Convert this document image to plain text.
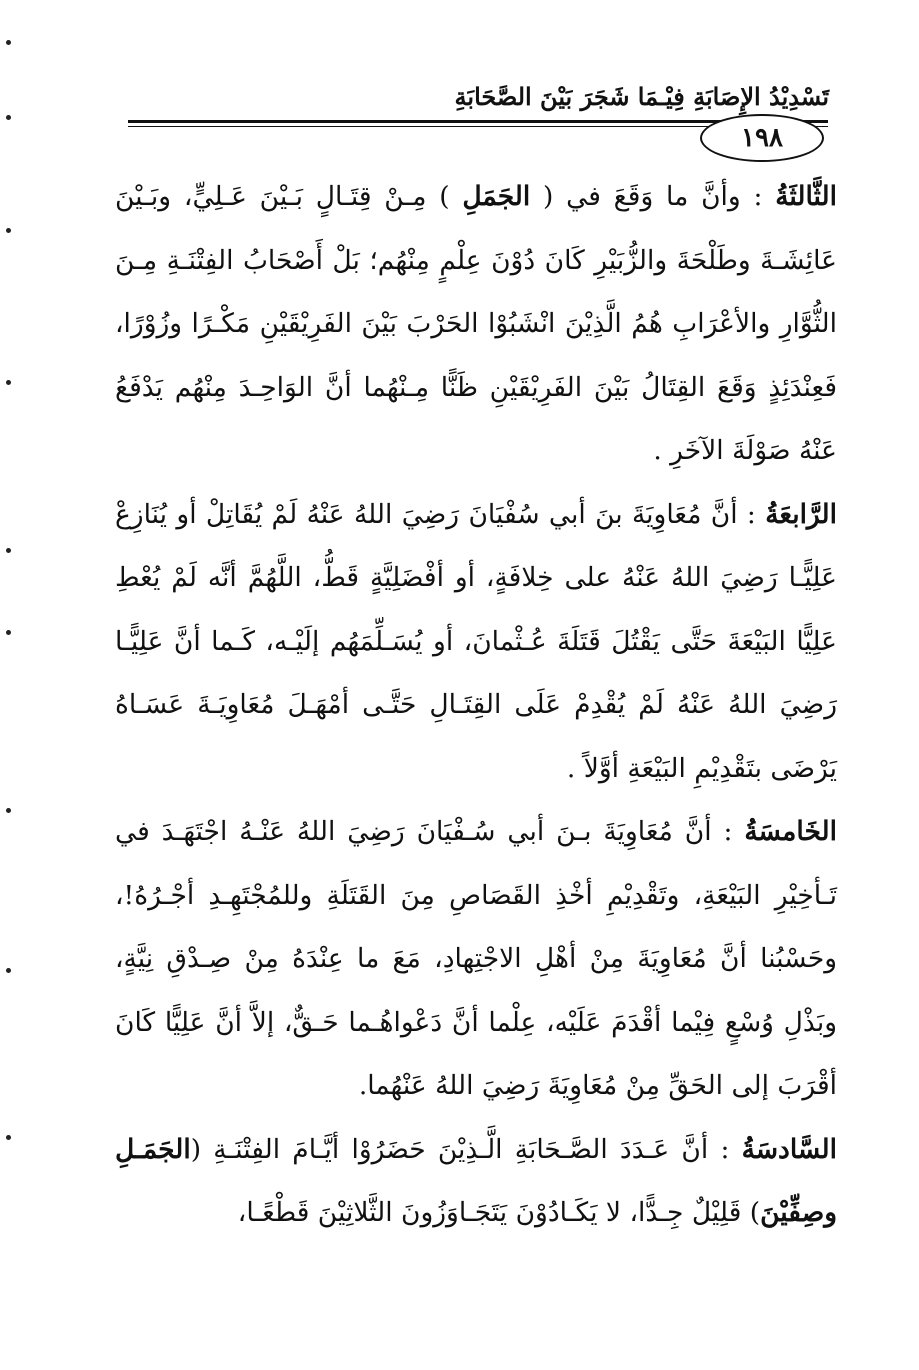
تَسْدِيْدُ الإِصَابَةِ فِيْـمَا شَجَرَ بَيْنَ الصَّحَابَةِ
١٩٨

الثَّالثَةُ : وأنَّ ما وَقَعَ في ( الجَمَلِ ) مِـنْ قِتَـالٍ بَـيْنَ عَـلِيٍّ، وبَـيْنَ عَائِشَـةَ وطَلْحَةَ والزُّبَيْرِ كَانَ دُوْنَ عِلْمٍ مِنْهُم؛ بَلْ أَصْحَابُ الفِتْنَـةِ مِـنَ الثُّوَّارِ والأعْرَابِ هُمُ الَّذِيْنَ انْشَبُوْا الحَرْبَ بَيْنَ الفَرِيْقَيْنِ مَكْـرًا وزُوْرًا، فَعِنْدَئِذٍ وَقَعَ القِتَالُ بَيْنَ الفَرِيْقَيْنِ ظَنًّا مِـنْهُما أنَّ الوَاحِـدَ مِنْهُم يَدْفَعُ عَنْهُ صَوْلَةَ الآخَرِ .

الرَّابعَةُ : أنَّ مُعَاوِيَةَ بنَ أبي سُفْيَانَ رَضِيَ اللهُ عَنْهُ لَمْ يُقَاتِلْ أو يُنَازِعْ عَلِيًّـا رَضِيَ اللهُ عَنْهُ على خِلافَةٍ، أو أفْضَلِيَّةٍ قَطُّ، اللَّهُمَّ أنَّه لَمْ يُعْطِ عَلِيًّا البَيْعَةَ حَتَّى يَقْتُلَ قَتَلَةَ عُـثْمانَ، أو يُسَـلِّمَهُم إلَيْـه، كَـما أنَّ عَلِيًّـا رَضِيَ اللهُ عَنْهُ لَمْ يُقْدِمْ عَلَى القِتَـالِ حَتَّـى أمْهَـلَ مُعَاوِيَـةَ عَسَـاهُ يَرْضَى بتَقْدِيْمِ البَيْعَةِ أوَّلاً .

الخَامسَةُ : أنَّ مُعَاوِيَةَ بـنَ أبي سُـفْيَانَ رَضِيَ اللهُ عَنْـهُ اجْتَهَـدَ في تَـأخِيْرِ البَيْعَةِ، وتَقْدِيْمِ أخْذِ القَصَاصِ مِنَ القَتَلَةِ وللمُجْتَهِـدِ أجْـرُهُ!، وحَسْبُنا أنَّ مُعَاوِيَةَ مِنْ أهْلِ الاجْتِهادِ، مَعَ ما عِنْدَهُ مِنْ صِـدْقِ نِيَّةٍ، وبَذْلِ وُسْعٍ فِيْما أقْدَمَ عَلَيْه، عِلْما أنَّ دَعْواهُـما حَـقٌّ، إلاَّ أنَّ عَلِيًّا كَانَ أقْرَبَ إلى الحَقِّ مِنْ مُعَاوِيَةَ رَضِيَ اللهُ عَنْهُما.

السَّادسَةُ : أنَّ عَـدَدَ الصَّـحَابَةِ الَّـذِيْنَ حَضَرُوْا أيَّـامَ الفِتْنَـةِ (الجَمَـلِ وصِفِّيْنَ) قَلِيْلٌ جِـدًّا، لا يَكَـادُوْنَ يَتَجَـاوَزُونَ الثَّلاثِيْنَ قَطْعًـا،
